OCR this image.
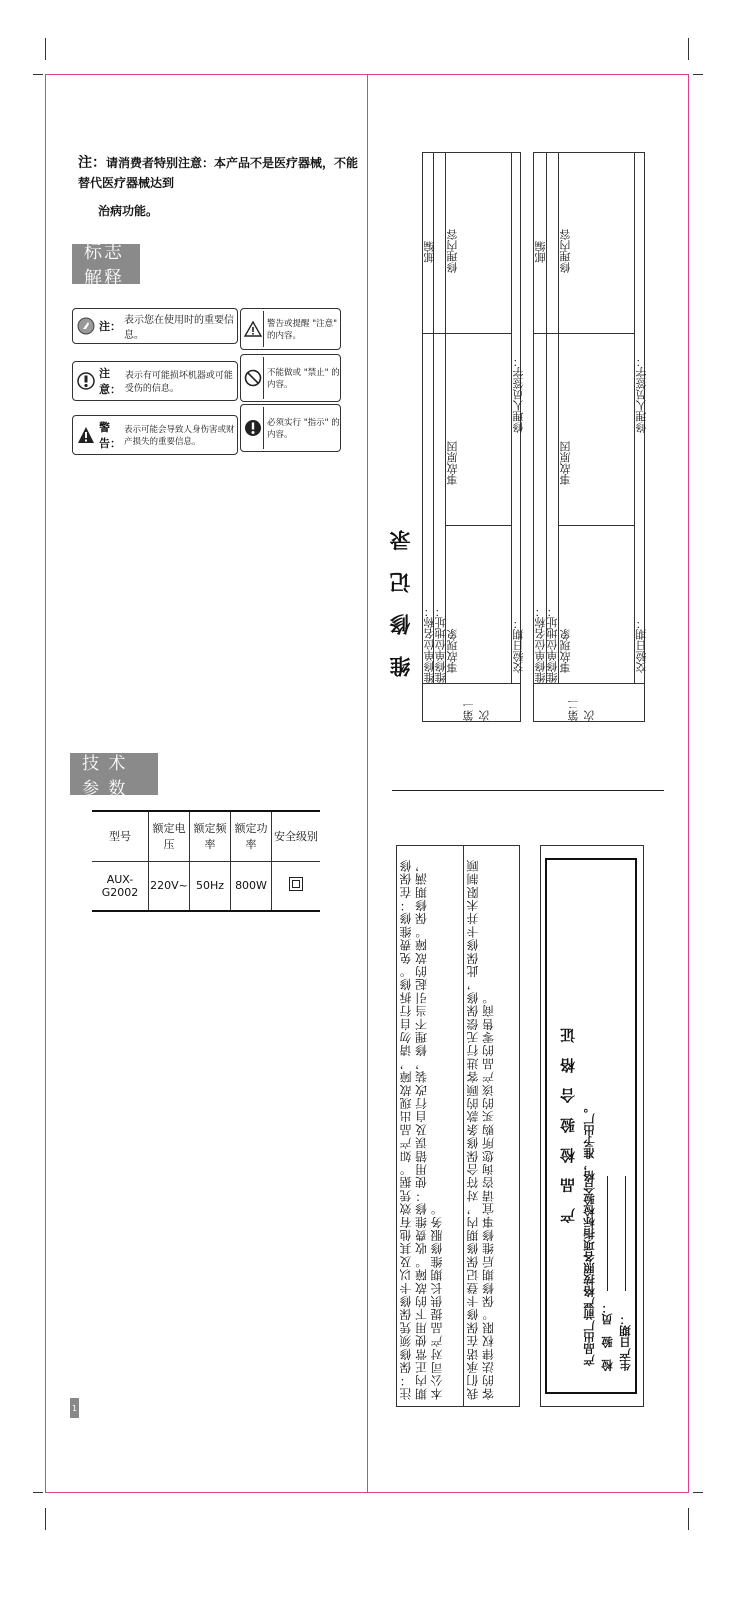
注：请消费者特别注意：本产品不是医疗器械，不能替代医疗器械达到
治病功能。
标志解释
注： 表示您在使用时的重要信息。
注意：
表示有可能损坏机器或可能受伤的信息。
警告：
表示可能会导致人身伤害或财产损失的重要信息。
警告或提醒 "注意" 的内容。
不能做或 "禁止" 的内容。
必须实行 "指示" 的内容。
技 术 参 数
型号	额定电压	额定频率	额定功率	安全级别
AUX-G2002	220V~	50Hz	800W	
1
维　修　记　录
第一次
维修单位名称：
维修单位地址：
邮编
事故现象
事故原因
修理内容
交验日期：
修理人员签字：
第二次
维修单位名称： 维修单位地址：
邮编
事故现象
事故原因
修理内容
交验日期：
修理人员签字：
注：保修须凭保修卡以及其他有效凭据。如产品出现故障，请勿自行拆修。免费维修：在保修期内正常使用下的故障。收费维修：使用错误及自行改装，修理不当引起的故障。保修期满，本公司对产品提供长期维修服务。	我们承诺在保修卡登记保修期内，对符合保修条款的顾客进行无偿保修，此保修卡并未限制顾客的法律权限。保修期后维修事宜请咨询您所购买的该产品的零售商。	产　品　检　验　合　格　证 产品出厂前严格按照各项指标检验合格，准予出厂。 检　验　员： 生产日期：
